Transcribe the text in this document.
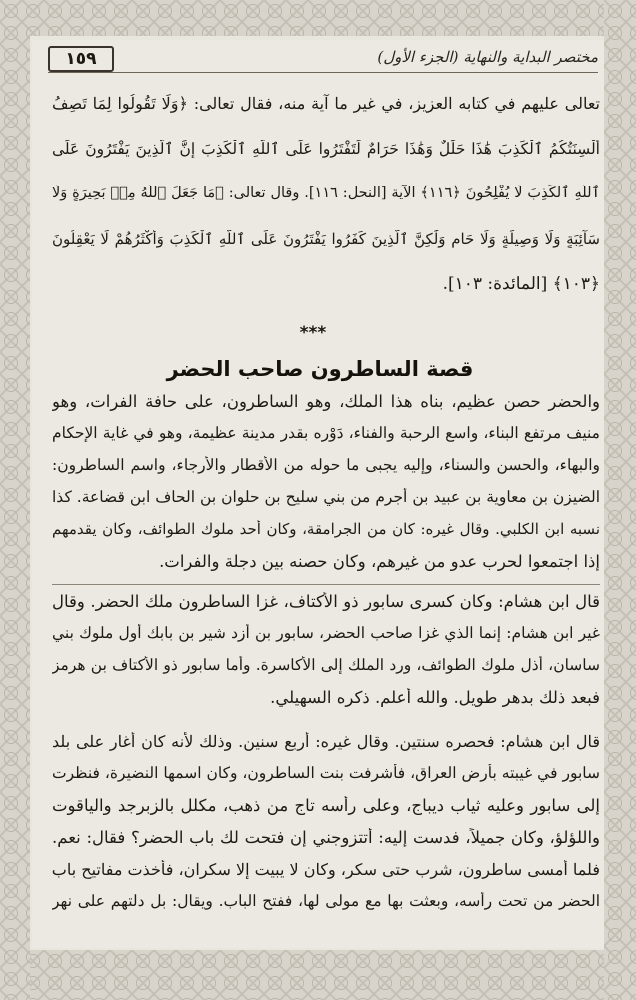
١٥٩	مختصر البداية والنهاية (الجزء الأول)
تعالى عليهم في كتابه العزيز، في غير ما آية منه، فقال تعالى: ﴿وَلَا تَقُولُوا لِمَا تَصِفُ
أَلْسِنَتُكُمُ ٱلْكَذِبَ هَٰذَا حَلَٰلٌ وَهَٰذَا حَرَامٌ لِّتَفْتَرُوا عَلَى ٱللَّهِ ٱلْكَذِبَ إِنَّ ٱلَّذِينَ يَفْتَرُونَ عَلَى
ٱللَّهِ ٱلْكَذِبَ لَا يُفْلِحُونَ ﴿١١٦﴾ الآية [النحل: ١١٦]. وقال تعالى: ﴿مَا جَعَلَ ٱللَّهُ مِنۢ بَحِيرَةٍ وَلَا
سَآئِبَةٍ وَلَا وَصِيلَةٍ وَلَا حَامٍ وَلَٰكِنَّ ٱلَّذِينَ كَفَرُوا يَفْتَرُونَ عَلَى ٱللَّهِ ٱلْكَذِبَ وَأَكْثَرُهُمْ لَا يَعْقِلُونَ
﴿١٠٣﴾ [المائدة: ١٠٣].
***
قصة الساطرون صاحب الحضر
والحضر حصن عظيم، بناه هذا الملك، وهو الساطرون، على حافة الفرات، وهو
منيف مرتفع البناء، واسع الرحبة والفناء، دَوْره بقدر مدينة عظيمة، وهو في غاية الإحكام
والبهاء، والحسن والسناء، وإليه يجبى ما حوله من الأقطار والأرجاء، واسم الساطرون:
الضيزن بن معاوية بن عبيد بن أجرم من بني سليح بن حلوان بن الحاف ابن قضاعة. كذا
نسبه ابن الكلبي. وقال غيره: كان من الجرامقة، وكان أحد ملوك الطوائف، وكان يقدمهم
إذا اجتمعوا لحرب عدو من غيرهم، وكان حصنه بين دجلة والفرات.
قال ابن هشام: وكان كسرى سابور ذو الأكتاف، غزا الساطرون ملك الحضر. وقال
غير ابن هشام: إنما الذي غزا صاحب الحضر، سابور بن أزد شير بن بابك أول ملوك بني
ساسان، أذل ملوك الطوائف، ورد الملك إلى الأكاسرة. وأما سابور ذو الأكتاف بن هرمز
فبعد ذلك بدهر طويل. والله أعلم. ذكره السهيلي.
قال ابن هشام: فحصره سنتين. وقال غيره: أربع سنين. وذلك لأنه كان أغار على بلد
سابور في غيبته بأرض العراق، فأشرفت بنت الساطرون، وكان اسمها النضيرة، فنظرت
إلى سابور وعليه ثياب ديباج، وعلى رأسه تاج من ذهب، مكلل بالزبرجد والياقوت
واللؤلؤ، وكان جميلاً، فدست إليه: أتتزوجني إن فتحت لك باب الحضر؟ فقال: نعم.
فلما أمسى ساطرون، شرب حتى سكر، وكان لا يبيت إلا سكران، فأخذت مفاتيح باب
الحضر من تحت رأسه، وبعثت بها مع مولى لها، ففتح الباب. ويقال: بل دلتهم على نهر
